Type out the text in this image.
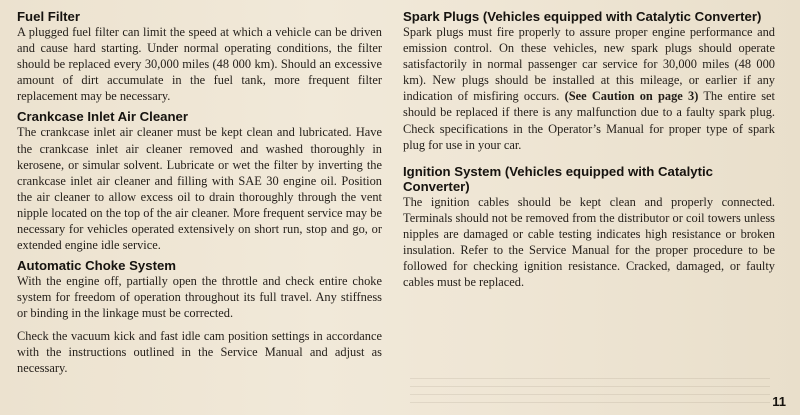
Fuel Filter

A plugged fuel filter can limit the speed at which a vehicle can be driven and cause hard starting. Under normal operating conditions, the filter should be replaced every 30,000 miles (48 000 km). Should an excessive amount of dirt accumulate in the fuel tank, more frequent filter replacement may be necessary.

Crankcase Inlet Air Cleaner

The crankcase inlet air cleaner must be kept clean and lubricated. Have the crankcase inlet air cleaner removed and washed thoroughly in kerosene, or simular solvent. Lubricate or wet the filter by inverting the crankcase inlet air cleaner and filling with SAE 30 engine oil. Position the air cleaner to allow excess oil to drain thoroughly through the vent nipple located on the top of the air cleaner. More frequent service may be necessary for vehicles operated extensively on short run, stop and go, or extended engine idle service.

Automatic Choke System

With the engine off, partially open the throttle and check entire choke system for freedom of operation throughout its full travel. Any stiffness or binding in the linkage must be corrected.

Check the vacuum kick and fast idle cam position settings in accordance with the instructions outlined in the Service Manual and adjust as necessary.

Spark Plugs (Vehicles equipped with Catalytic Converter)

Spark plugs must fire properly to assure proper engine performance and emission control. On these vehicles, new spark plugs should operate satisfactorily in normal passenger car service for 30,000 miles (48 000 km). New plugs should be installed at this mileage, or earlier if any indication of misfiring occurs. (See Caution on page 3) The entire set should be replaced if there is any malfunction due to a faulty spark plug. Check specifications in the Operator’s Manual for proper type of spark plug for use in your car.

Ignition System (Vehicles equipped with Catalytic Converter)

The ignition cables should be kept clean and properly connected. Terminals should not be removed from the distributor or coil towers unless nipples are damaged or cable testing indicates high resistance or broken insulation. Refer to the Service Manual for the proper procedure to be followed for checking ignition resistance. Cracked, damaged, or faulty cables must be replaced.

11
